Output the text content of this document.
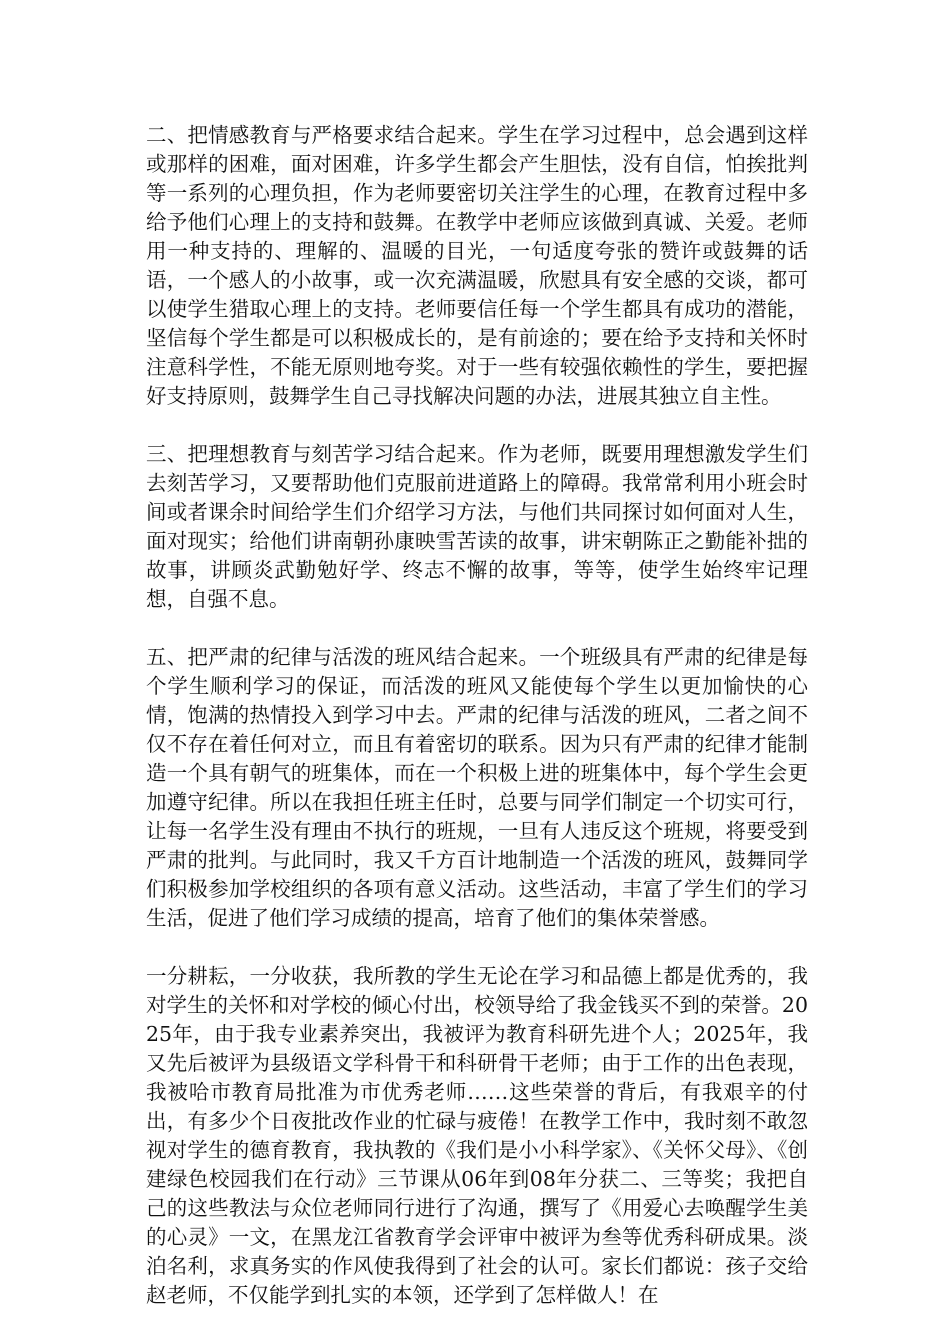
二、把情感教育与严格要求结合起来。学生在学习过程中，总会遇到这样或那样的困难，面对困难，许多学生都会产生胆怯，没有自信，怕挨批判等一系列的心理负担，作为老师要密切关注学生的心理，在教育过程中多给予他们心理上的支持和鼓舞。在教学中老师应该做到真诚、关爱。老师用一种支持的、理解的、温暖的目光，一句适度夸张的赞许或鼓舞的话语，一个感人的小故事，或一次充满温暖，欣慰具有安全感的交谈，都可以使学生猎取心理上的支持。老师要信任每一个学生都具有成功的潜能，坚信每个学生都是可以积极成长的，是有前途的；要在给予支持和关怀时注意科学性，不能无原则地夸奖。对于一些有较强依赖性的学生，要把握好支持原则，鼓舞学生自己寻找解决问题的办法，进展其独立自主性。

三、把理想教育与刻苦学习结合起来。作为老师，既要用理想激发学生们去刻苦学习，又要帮助他们克服前进道路上的障碍。我常常利用小班会时间或者课余时间给学生们介绍学习方法，与他们共同探讨如何面对人生，面对现实；给他们讲南朝孙康映雪苦读的故事，讲宋朝陈正之勤能补拙的故事，讲顾炎武勤勉好学、终志不懈的故事，等等，使学生始终牢记理想，自强不息。

五、把严肃的纪律与活泼的班风结合起来。一个班级具有严肃的纪律是每个学生顺利学习的保证，而活泼的班风又能使每个学生以更加愉快的心情，饱满的热情投入到学习中去。严肃的纪律与活泼的班风，二者之间不仅不存在着任何对立，而且有着密切的联系。因为只有严肃的纪律才能制造一个具有朝气的班集体，而在一个积极上进的班集体中，每个学生会更加遵守纪律。所以在我担任班主任时，总要与同学们制定一个切实可行，让每一名学生没有理由不执行的班规，一旦有人违反这个班规，将要受到严肃的批判。与此同时，我又千方百计地制造一个活泼的班风，鼓舞同学们积极参加学校组织的各项有意义活动。这些活动，丰富了学生们的学习生活，促进了他们学习成绩的提高，培育了他们的集体荣誉感。

一分耕耘，一分收获，我所教的学生无论在学习和品德上都是优秀的，我对学生的关怀和对学校的倾心付出，校领导给了我金钱买不到的荣誉。2025年，由于我专业素养突出，我被评为教育科研先进个人；2025年，我又先后被评为县级语文学科骨干和科研骨干老师；由于工作的出色表现，我被哈市教育局批准为市优秀老师……这些荣誉的背后，有我艰辛的付出，有多少个日夜批改作业的忙碌与疲倦！在教学工作中，我时刻不敢忽视对学生的德育教育，我执教的《我们是小小科学家》、《关怀父母》、《创建绿色校园我们在行动》三节课从06年到08年分获二、三等奖；我把自己的这些教法与众位老师同行进行了沟通，撰写了《用爱心去唤醒学生美的心灵》一文，在黑龙江省教育学会评审中被评为叁等优秀科研成果。淡泊名利，求真务实的作风使我得到了社会的认可。家长们都说：孩子交给赵老师，不仅能学到扎实的本领，还学到了怎样做人！在
